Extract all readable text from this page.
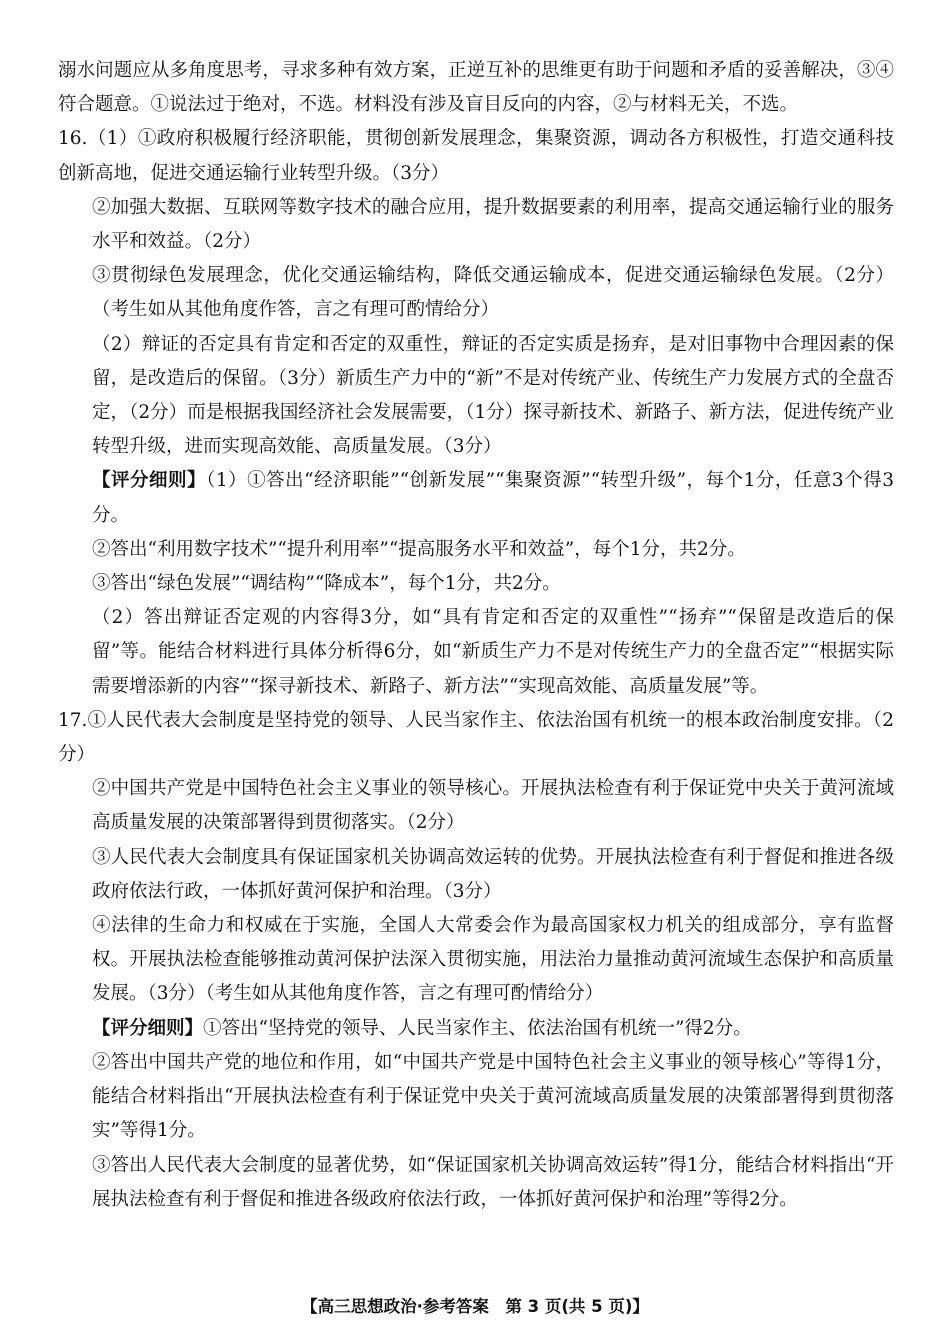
溺水问题应从多角度思考，寻求多种有效方案，正逆互补的思维更有助于问题和矛盾的妥善解决，③④符合题意。①说法过于绝对，不选。材料没有涉及盲目反向的内容，②与材料无关，不选。

16.（1）①政府积极履行经济职能，贯彻创新发展理念，集聚资源，调动各方积极性，打造交通科技创新高地，促进交通运输行业转型升级。（3分）

②加强大数据、互联网等数字技术的融合应用，提升数据要素的利用率，提高交通运输行业的服务水平和效益。（2分）

③贯彻绿色发展理念，优化交通运输结构，降低交通运输成本，促进交通运输绿色发展。（2分）（考生如从其他角度作答，言之有理可酌情给分）

（2）辩证的否定具有肯定和否定的双重性，辩证的否定实质是扬弃，是对旧事物中合理因素的保留，是改造后的保留。（3分）新质生产力中的“新”不是对传统产业、传统生产力发展方式的全盘否定，（2分）而是根据我国经济社会发展需要，（1分）探寻新技术、新路子、新方法，促进传统产业转型升级，进而实现高效能、高质量发展。（3分）

【评分细则】（1）①答出“经济职能”“创新发展”“集聚资源”“转型升级”，每个1分，任意3个得3分。

②答出“利用数字技术”“提升利用率”“提高服务水平和效益”，每个1分，共2分。

③答出“绿色发展”“调结构”“降成本”，每个1分，共2分。

（2）答出辩证否定观的内容得3分，如“具有肯定和否定的双重性”“扬弃”“保留是改造后的保留”等。能结合材料进行具体分析得6分，如“新质生产力不是对传统生产力的全盘否定”“根据实际需要增添新的内容”“探寻新技术、新路子、新方法”“实现高效能、高质量发展”等。

17.①人民代表大会制度是坚持党的领导、人民当家作主、依法治国有机统一的根本政治制度安排。（2分）

②中国共产党是中国特色社会主义事业的领导核心。开展执法检查有利于保证党中央关于黄河流域高质量发展的决策部署得到贯彻落实。（2分）

③人民代表大会制度具有保证国家机关协调高效运转的优势。开展执法检查有利于督促和推进各级政府依法行政，一体抓好黄河保护和治理。（3分）

④法律的生命力和权威在于实施，全国人大常委会作为最高国家权力机关的组成部分，享有监督权。开展执法检查能够推动黄河保护法深入贯彻实施，用法治力量推动黄河流域生态保护和高质量发展。（3分）（考生如从其他角度作答，言之有理可酌情给分）

【评分细则】①答出“坚持党的领导、人民当家作主、依法治国有机统一”得2分。

②答出中国共产党的地位和作用，如“中国共产党是中国特色社会主义事业的领导核心”等得1分，能结合材料指出“开展执法检查有利于保证党中央关于黄河流域高质量发展的决策部署得到贯彻落实”等得1分。

③答出人民代表大会制度的显著优势，如“保证国家机关协调高效运转”得1分，能结合材料指出“开展执法检查有利于督促和推进各级政府依法行政，一体抓好黄河保护和治理”等得2分。

【高三思想政治·参考答案　第 3 页(共 5 页)】
